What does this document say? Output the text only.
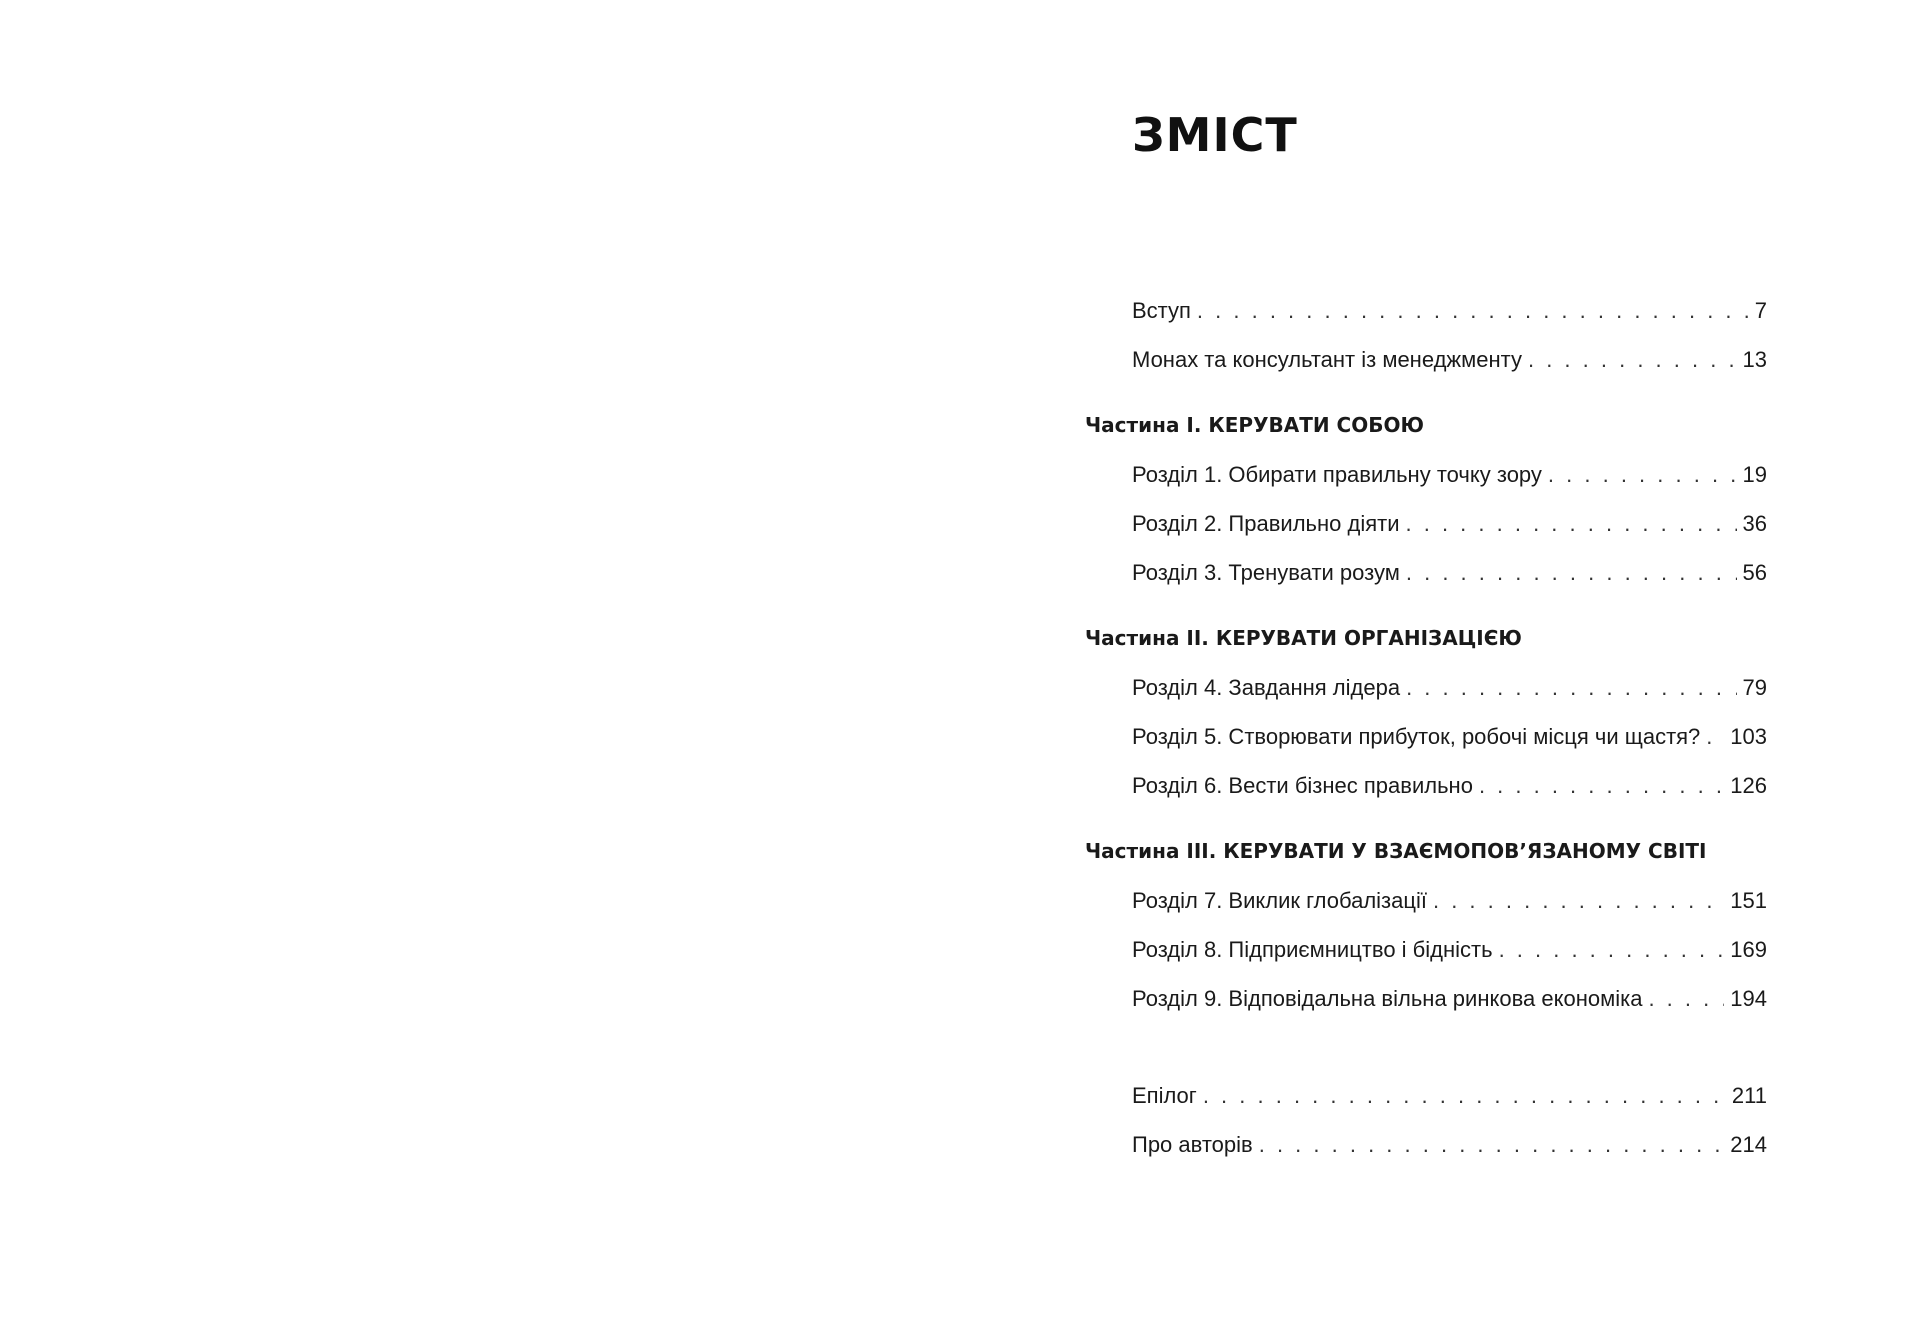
ЗМІСТ
Вступ . . .	7
Монах та консультант із менеджменту . . .	13
Частина I. КЕРУВАТИ СОБОЮ
Розділ 1. Обирати правильну точку зору . . .	19
Розділ 2. Правильно діяти . . .	36
Розділ 3. Тренувати розум . . .	56
Частина II. КЕРУВАТИ ОРГАНІЗАЦІЄЮ
Розділ 4. Завдання лідера . . .	79
Розділ 5. Створювати прибуток, робочі місця чи щастя? . . . 103
Розділ 6. Вести бізнес правильно . . .	126
Частина III. КЕРУВАТИ У ВЗАЄМОПОВ’ЯЗАНОМУ СВІТІ
Розділ 7. Виклик глобалізації . . .	151
Розділ 8. Підприємництво і бідність . . .	169
Розділ 9. Відповідальна вільна ринкова економіка . . .	194
Епілог . . .	211
Про авторів . . .	214
